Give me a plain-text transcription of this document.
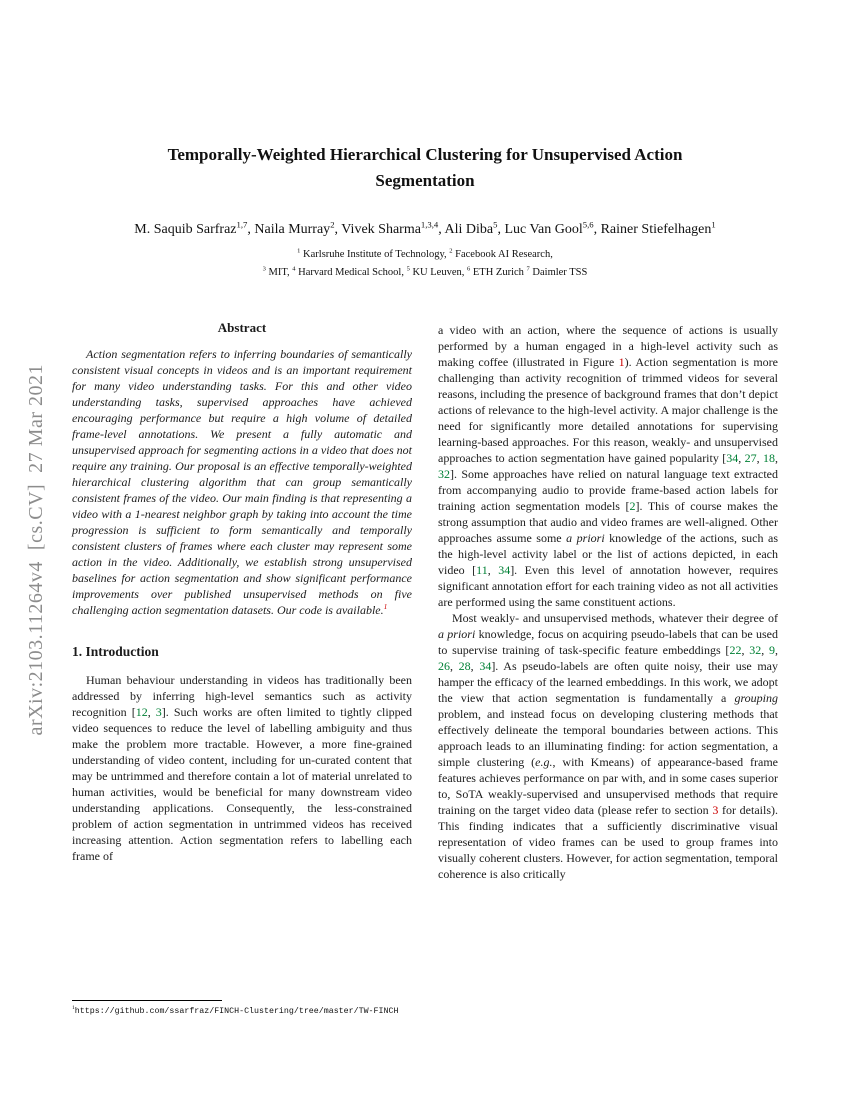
arXiv:2103.11264v4  [cs.CV]  27 Mar 2021
Temporally-Weighted Hierarchical Clustering for Unsupervised Action Segmentation
M. Saquib Sarfraz$^{1,7}$, Naila Murray$^2$, Vivek Sharma$^{1,3,4}$, Ali Diba$^5$, Luc Van Gool$^{5,6}$, Rainer Stiefelhagen$^1$
$^1$ Karlsruhe Institute of Technology, $^2$ Facebook AI Research,
$^3$ MIT, $^4$ Harvard Medical School, $^5$ KU Leuven, $^6$ ETH Zurich $^7$ Daimler TSS
Abstract

Action segmentation refers to inferring boundaries of semantically consistent visual concepts in videos and is an important requirement for many video understanding tasks. For this and other video understanding tasks, supervised approaches have achieved encouraging performance but require a high volume of detailed frame-level annotations. We present a fully automatic and unsupervised approach for segmenting actions in a video that does not require any training. Our proposal is an effective temporally-weighted hierarchical clustering algorithm that can group semantically consistent frames of the video. Our main finding is that representing a video with a 1-nearest neighbor graph by taking into account the time progression is sufficient to form semantically and temporally consistent clusters of frames where each cluster may represent some action in the video. Additionally, we establish strong unsupervised baselines for action segmentation and show significant performance improvements over published unsupervised methods on five challenging action segmentation datasets. Our code is available.$^1$

1. Introduction

Human behaviour understanding in videos has traditionally been addressed by inferring high-level semantics such as activity recognition [12, 3]. Such works are often limited to tightly clipped video sequences to reduce the level of labelling ambiguity and thus make the problem more tractable. However, a more fine-grained understanding of video content, including for un-curated content that may be untrimmed and therefore contain a lot of material unrelated to human activities, would be beneficial for many downstream video understanding applications. Consequently, the less-constrained problem of action segmentation in untrimmed videos has received increasing attention. Action segmentation refers to labelling each frame of

a video with an action, where the sequence of actions is usually performed by a human engaged in a high-level activity such as making coffee (illustrated in Figure 1). Action segmentation is more challenging than activity recognition of trimmed videos for several reasons, including the presence of background frames that don’t depict actions of relevance to the high-level activity. A major challenge is the need for significantly more detailed annotations for supervising learning-based approaches. For this reason, weakly- and unsupervised approaches to action segmentation have gained popularity [34, 27, 18, 32]. Some approaches have relied on natural language text extracted from accompanying audio to provide frame-based action labels for training action segmentation models [2]. This of course makes the strong assumption that audio and video frames are well-aligned. Other approaches assume some a priori knowledge of the actions, such as the high-level activity label or the list of actions depicted, in each video [11, 34]. Even this level of annotation however, requires significant annotation effort for each training video as not all activities are performed using the same constituent actions.

Most weakly- and unsupervised methods, whatever their degree of a priori knowledge, focus on acquiring pseudo-labels that can be used to supervise training of task-specific feature embeddings [22, 32, 9, 26, 28, 34]. As pseudo-labels are often quite noisy, their use may hamper the efficacy of the learned embeddings. In this work, we adopt the view that action segmentation is fundamentally a grouping problem, and instead focus on developing clustering methods that effectively delineate the temporal boundaries between actions. This approach leads to an illuminating finding: for action segmentation, a simple clustering (e.g., with Kmeans) of appearance-based frame features achieves performance on par with, and in some cases superior to, SoTA weakly-supervised and unsupervised methods that require training on the target video data (please refer to section 3 for details). This finding indicates that a sufficiently discriminative visual representation of video frames can be used to group frames into visually coherent clusters. However, for action segmentation, temporal coherence is also critically

$^1$https://github.com/ssarfraz/FINCH-Clustering/tree/master/TW-FINCH
